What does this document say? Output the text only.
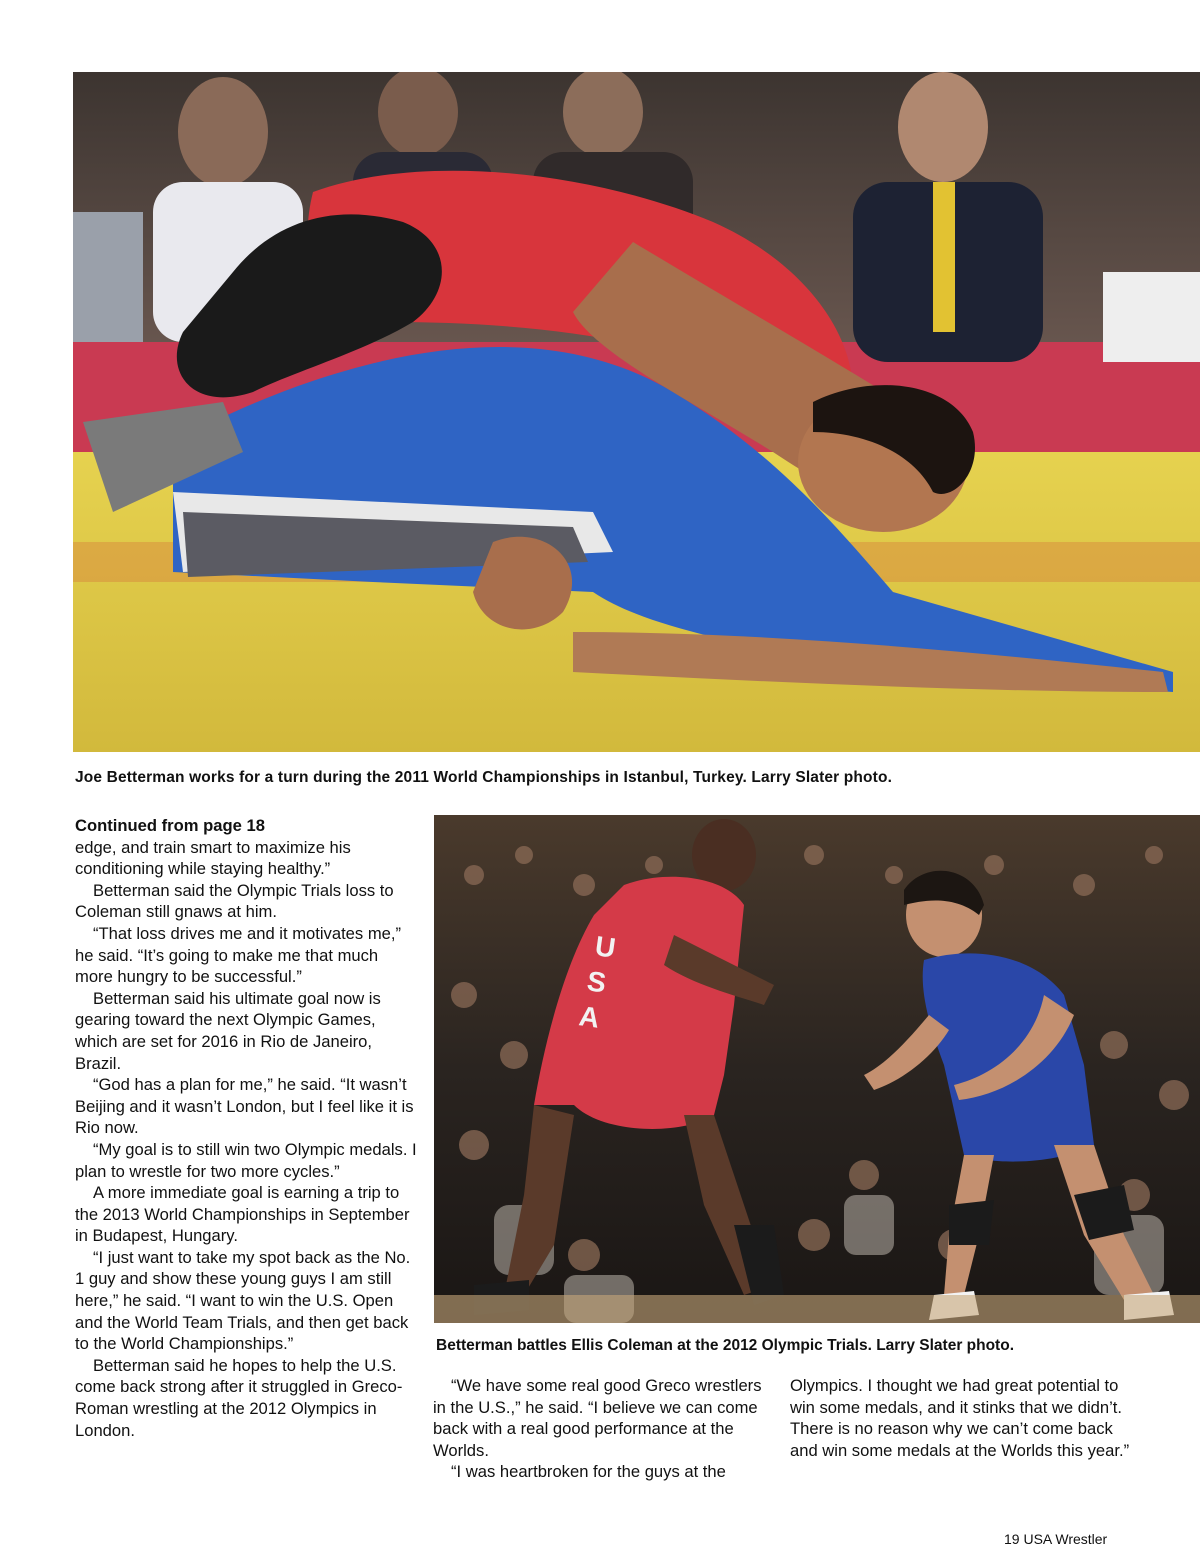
Joe Betterman works for a turn during the 2011 World Championships in Istanbul, Turkey. Larry Slater photo.
U
S
A
Betterman battles Ellis Coleman at the 2012 Olympic Trials. Larry Slater photo.
Continued from page 18

edge, and train smart to maximize his conditioning while staying healthy.”

Betterman said the Olympic Trials loss to Coleman still gnaws at him.

“That loss drives me and it motivates me,” he said. “It’s going to make me that much more hungry to be successful.”

Betterman said his ultimate goal now is gearing toward the next Olympic Games, which are set for 2016 in Rio de Janeiro, Brazil.

“God has a plan for me,” he said. “It wasn’t Beijing and it wasn’t London, but I feel like it is Rio now.

“My goal is to still win two Olympic medals. I plan to wrestle for two more cycles.”

A more immediate goal is earning a trip to the 2013 World Championships in September in Budapest, Hungary.

“I just want to take my spot back as the No. 1 guy and show these young guys I am still here,” he said. “I want to win the U.S. Open and the World Team Trials, and then get back to the World Championships.”

Betterman said he hopes to help the U.S. come back strong after it struggled in Greco-Roman wrestling at the 2012 Olympics in London.

“We have some real good Greco wrestlers in the U.S.,” he said. “I believe we can come back with a real good performance at the Worlds.

“I was heartbroken for the guys at the

Olympics. I thought we had great potential to win some medals, and it stinks that we didn’t. There is no reason why we can’t come back and win some medals at the Worlds this year.”

19 USA Wrestler
